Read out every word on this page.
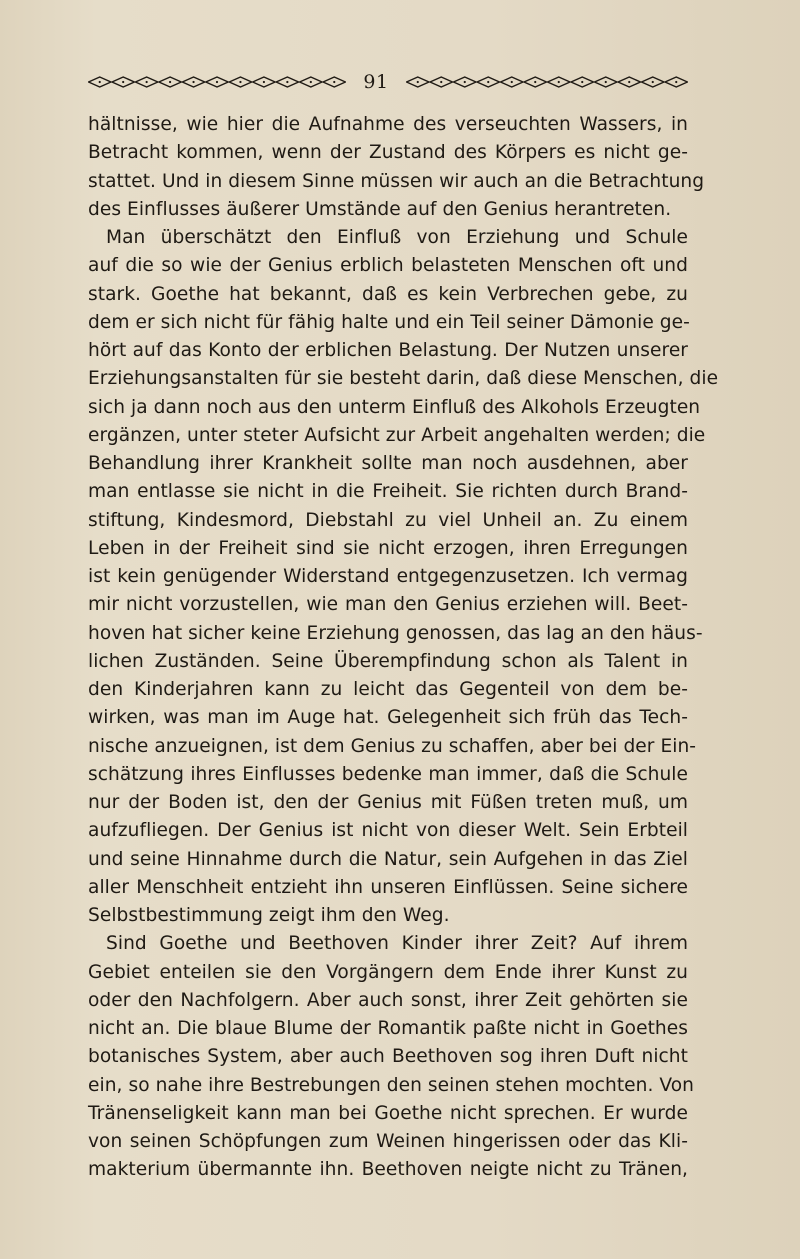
91
hältnisse, wie hier die Aufnahme des verseuchten Wassers, in
Betracht kommen, wenn der Zustand des Körpers es nicht ge-
stattet. Und in diesem Sinne müssen wir auch an die Betrachtung
des Einflusses äußerer Umstände auf den Genius herantreten.
Man überschätzt den Einfluß von Erziehung und Schule
auf die so wie der Genius erblich belasteten Menschen oft und
stark. Goethe hat bekannt, daß es kein Verbrechen gebe, zu
dem er sich nicht für fähig halte und ein Teil seiner Dämonie ge-
hört auf das Konto der erblichen Belastung. Der Nutzen unserer
Erziehungsanstalten für sie besteht darin, daß diese Menschen, die
sich ja dann noch aus den unterm Einfluß des Alkohols Erzeugten
ergänzen, unter steter Aufsicht zur Arbeit angehalten werden; die
Behandlung ihrer Krankheit sollte man noch ausdehnen, aber
man entlasse sie nicht in die Freiheit. Sie richten durch Brand-
stiftung, Kindesmord, Diebstahl zu viel Unheil an. Zu einem
Leben in der Freiheit sind sie nicht erzogen, ihren Erregungen
ist kein genügender Widerstand entgegenzusetzen. Ich vermag
mir nicht vorzustellen, wie man den Genius erziehen will. Beet-
hoven hat sicher keine Erziehung genossen, das lag an den häus-
lichen Zuständen. Seine Überempfindung schon als Talent in
den Kinderjahren kann zu leicht das Gegenteil von dem be-
wirken, was man im Auge hat. Gelegenheit sich früh das Tech-
nische anzueignen, ist dem Genius zu schaffen, aber bei der Ein-
schätzung ihres Einflusses bedenke man immer, daß die Schule
nur der Boden ist, den der Genius mit Füßen treten muß, um
aufzufliegen. Der Genius ist nicht von dieser Welt. Sein Erbteil
und seine Hinnahme durch die Natur, sein Aufgehen in das Ziel
aller Menschheit entzieht ihn unseren Einflüssen. Seine sichere
Selbstbestimmung zeigt ihm den Weg.
Sind Goethe und Beethoven Kinder ihrer Zeit? Auf ihrem
Gebiet enteilen sie den Vorgängern dem Ende ihrer Kunst zu
oder den Nachfolgern. Aber auch sonst, ihrer Zeit gehörten sie
nicht an. Die blaue Blume der Romantik paßte nicht in Goethes
botanisches System, aber auch Beethoven sog ihren Duft nicht
ein, so nahe ihre Bestrebungen den seinen stehen mochten. Von
Tränenseligkeit kann man bei Goethe nicht sprechen. Er wurde
von seinen Schöpfungen zum Weinen hingerissen oder das Kli-
makterium übermannte ihn. Beethoven neigte nicht zu Tränen,
